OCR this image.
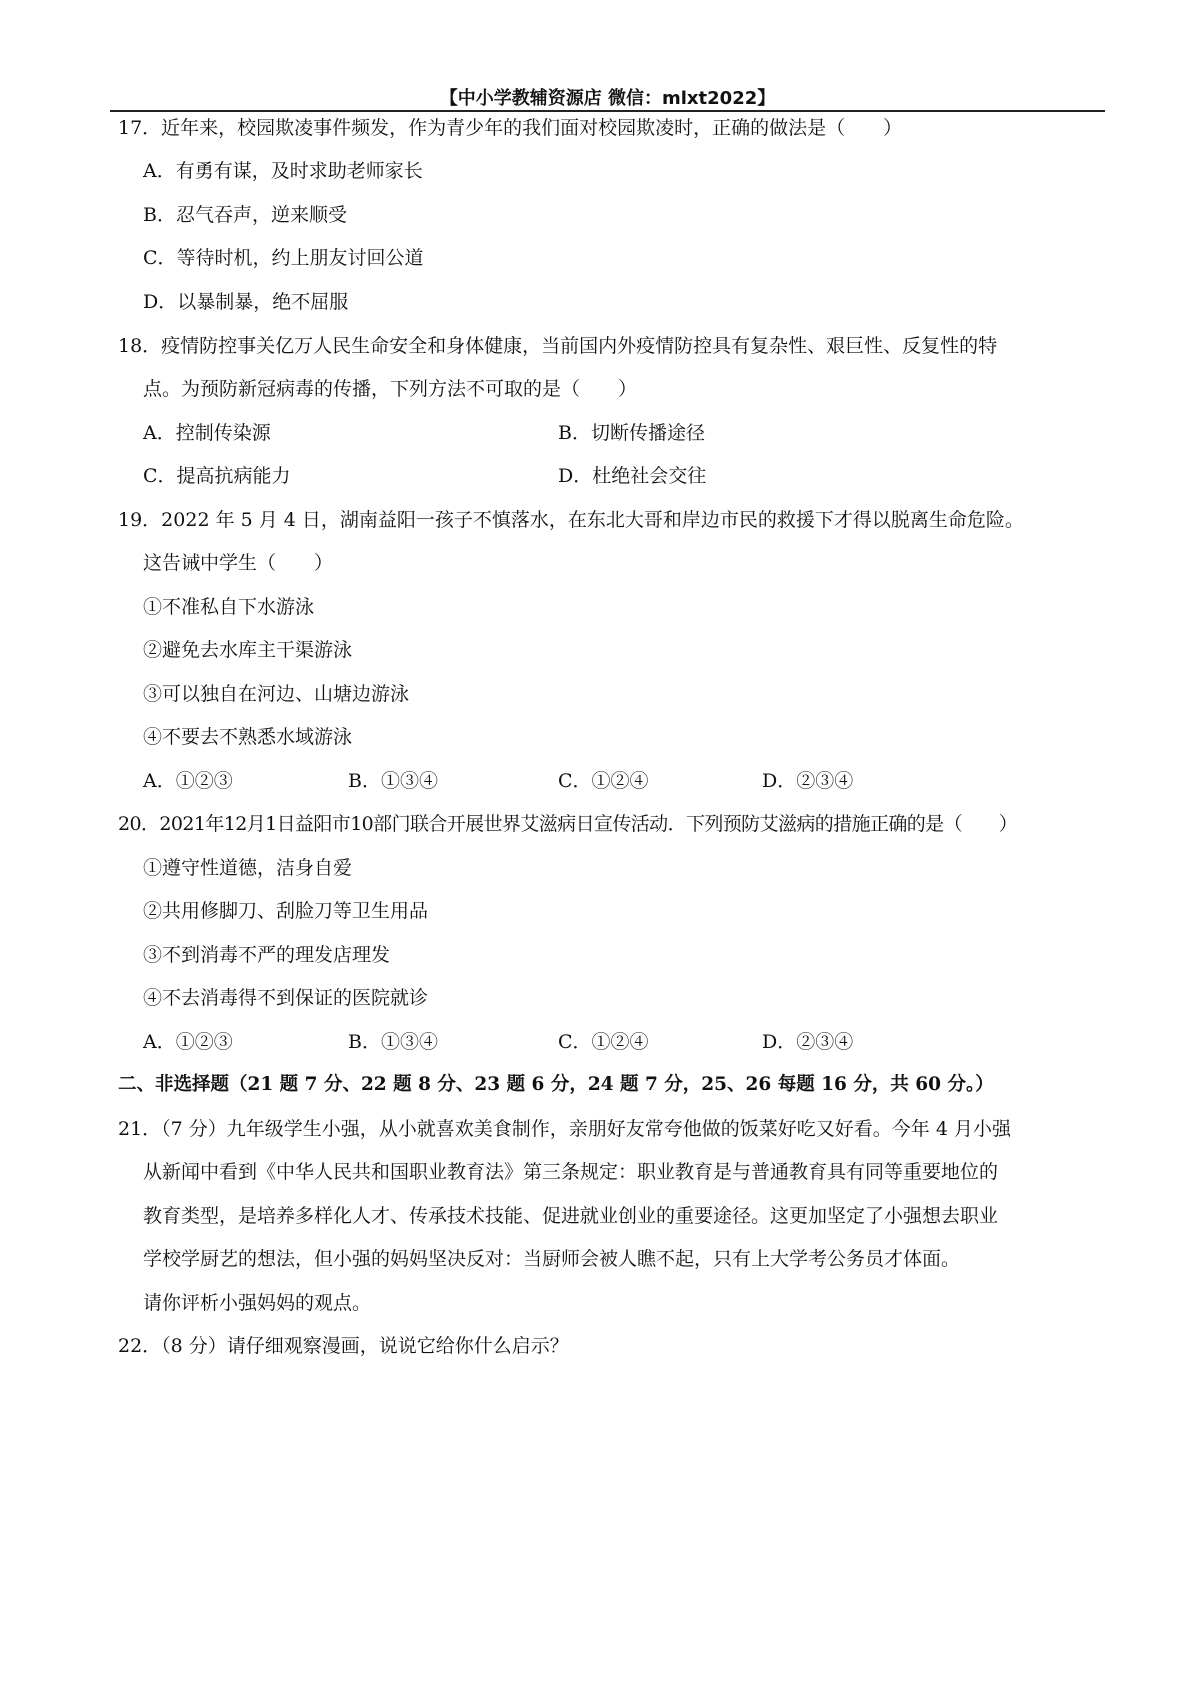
【中小学教辅资源店 微信：mlxt2022】
17．近年来，校园欺凌事件频发，作为青少年的我们面对校园欺凌时，正确的做法是（　　）
A．有勇有谋，及时求助老师家长
B．忍气吞声，逆来顺受
C．等待时机，约上朋友讨回公道
D．以暴制暴，绝不屈服
18．疫情防控事关亿万人民生命安全和身体健康，当前国内外疫情防控具有复杂性、艰巨性、反复性的特
点。为预防新冠病毒的传播，下列方法不可取的是（　　）
A．控制传染源	B．切断传播途径
C．提高抗病能力	D．杜绝社会交往
19．2022 年 5 月 4 日，湖南益阳一孩子不慎落水，在东北大哥和岸边市民的救援下才得以脱离生命危险。
这告诫中学生（　　）
①不准私自下水游泳
②避免去水库主干渠游泳
③可以独自在河边、山塘边游泳
④不要去不熟悉水域游泳
A．①②③	B．①③④	C．①②④	D．②③④
20．2021年12月1日益阳市10部门联合开展世界艾滋病日宣传活动．下列预防艾滋病的措施正确的是（　　）
①遵守性道德，洁身自爱
②共用修脚刀、刮脸刀等卫生用品
③不到消毒不严的理发店理发
④不去消毒得不到保证的医院就诊
A．①②③	B．①③④	C．①②④	D．②③④
二、非选择题（21 题 7 分、22 题 8 分、23 题 6 分，24 题 7 分，25、26 每题 16 分，共 60 分。）
21．（7 分）九年级学生小强，从小就喜欢美食制作，亲朋好友常夸他做的饭菜好吃又好看。今年 4 月小强
从新闻中看到《中华人民共和国职业教育法》第三条规定：职业教育是与普通教育具有同等重要地位的
教育类型，是培养多样化人才、传承技术技能、促进就业创业的重要途径。这更加坚定了小强想去职业
学校学厨艺的想法，但小强的妈妈坚决反对：当厨师会被人瞧不起，只有上大学考公务员才体面。
请你评析小强妈妈的观点。
22．（8 分）请仔细观察漫画，说说它给你什么启示？
